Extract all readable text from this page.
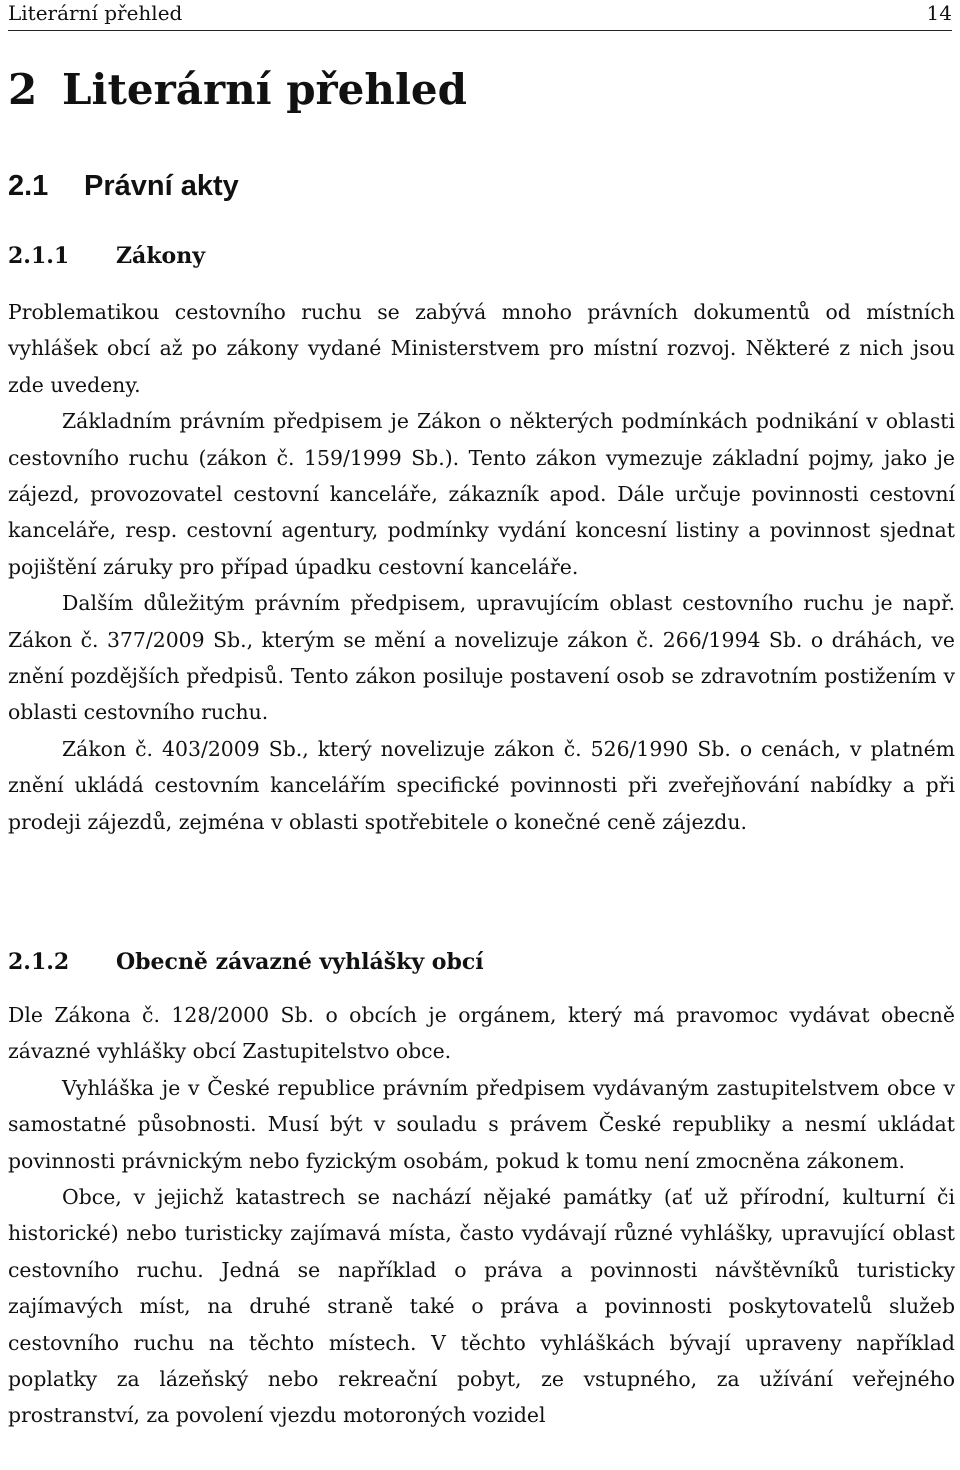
Literární přehled	14
2 Literární přehled
2.1 Právní akty
2.1.1 Zákony

Problematikou cestovního ruchu se zabývá mnoho právních dokumentů od místních vyhlášek obcí až po zákony vydané Ministerstvem pro místní rozvoj. Některé z nich jsou zde uvedeny.

Základním právním předpisem je Zákon o některých podmínkách podnikání v oblasti cestovního ruchu (zákon č. 159/1999 Sb.). Tento zákon vymezuje základní pojmy, jako je zájezd, provozovatel cestovní kanceláře, zákazník apod. Dále určuje povinnosti cestovní kanceláře, resp. cestovní agentury, podmínky vydání koncesní listiny a povinnost sjednat pojištění záruky pro případ úpadku cestovní kanceláře.

Dalším důležitým právním předpisem, upravujícím oblast cestovního ruchu je např. Zákon č. 377/2009 Sb., kterým se mění a novelizuje zákon č. 266/1994 Sb. o dráhách, ve znění pozdějších předpisů. Tento zákon posiluje postavení osob se zdravotním postižením v oblasti cestovního ruchu.

Zákon č. 403/2009 Sb., který novelizuje zákon č. 526/1990 Sb. o cenách, v platném znění ukládá cestovním kancelářím specifické povinnosti při zveřejňování nabídky a při prodeji zájezdů, zejména v oblasti spotřebitele o konečné ceně zájezdu.

2.1.2 Obecně závazné vyhlášky obcí

Dle Zákona č. 128/2000 Sb. o obcích je orgánem, který má pravomoc vydávat obecně závazné vyhlášky obcí Zastupitelstvo obce.

Vyhláška je v České republice právním předpisem vydávaným zastupitelstvem obce v samostatné působnosti. Musí být v souladu s právem České republiky a nesmí ukládat povinnosti právnickým nebo fyzickým osobám, pokud k tomu není zmocněna zákonem.

Obce, v jejichž katastrech se nachází nějaké památky (ať už přírodní, kulturní či historické) nebo turisticky zajímavá místa, často vydávají různé vyhlášky, upravující oblast cestovního ruchu. Jedná se například o práva a povinnosti návštěvníků turisticky zajímavých míst, na druhé straně také o práva a povinnosti poskytovatelů služeb cestovního ruchu na těchto místech. V těchto vyhláškách bývají upraveny například poplatky za lázeňský nebo rekreační pobyt, ze vstupného, za užívání veřejného prostranství, za povolení vjezdu motoroných vozidel
